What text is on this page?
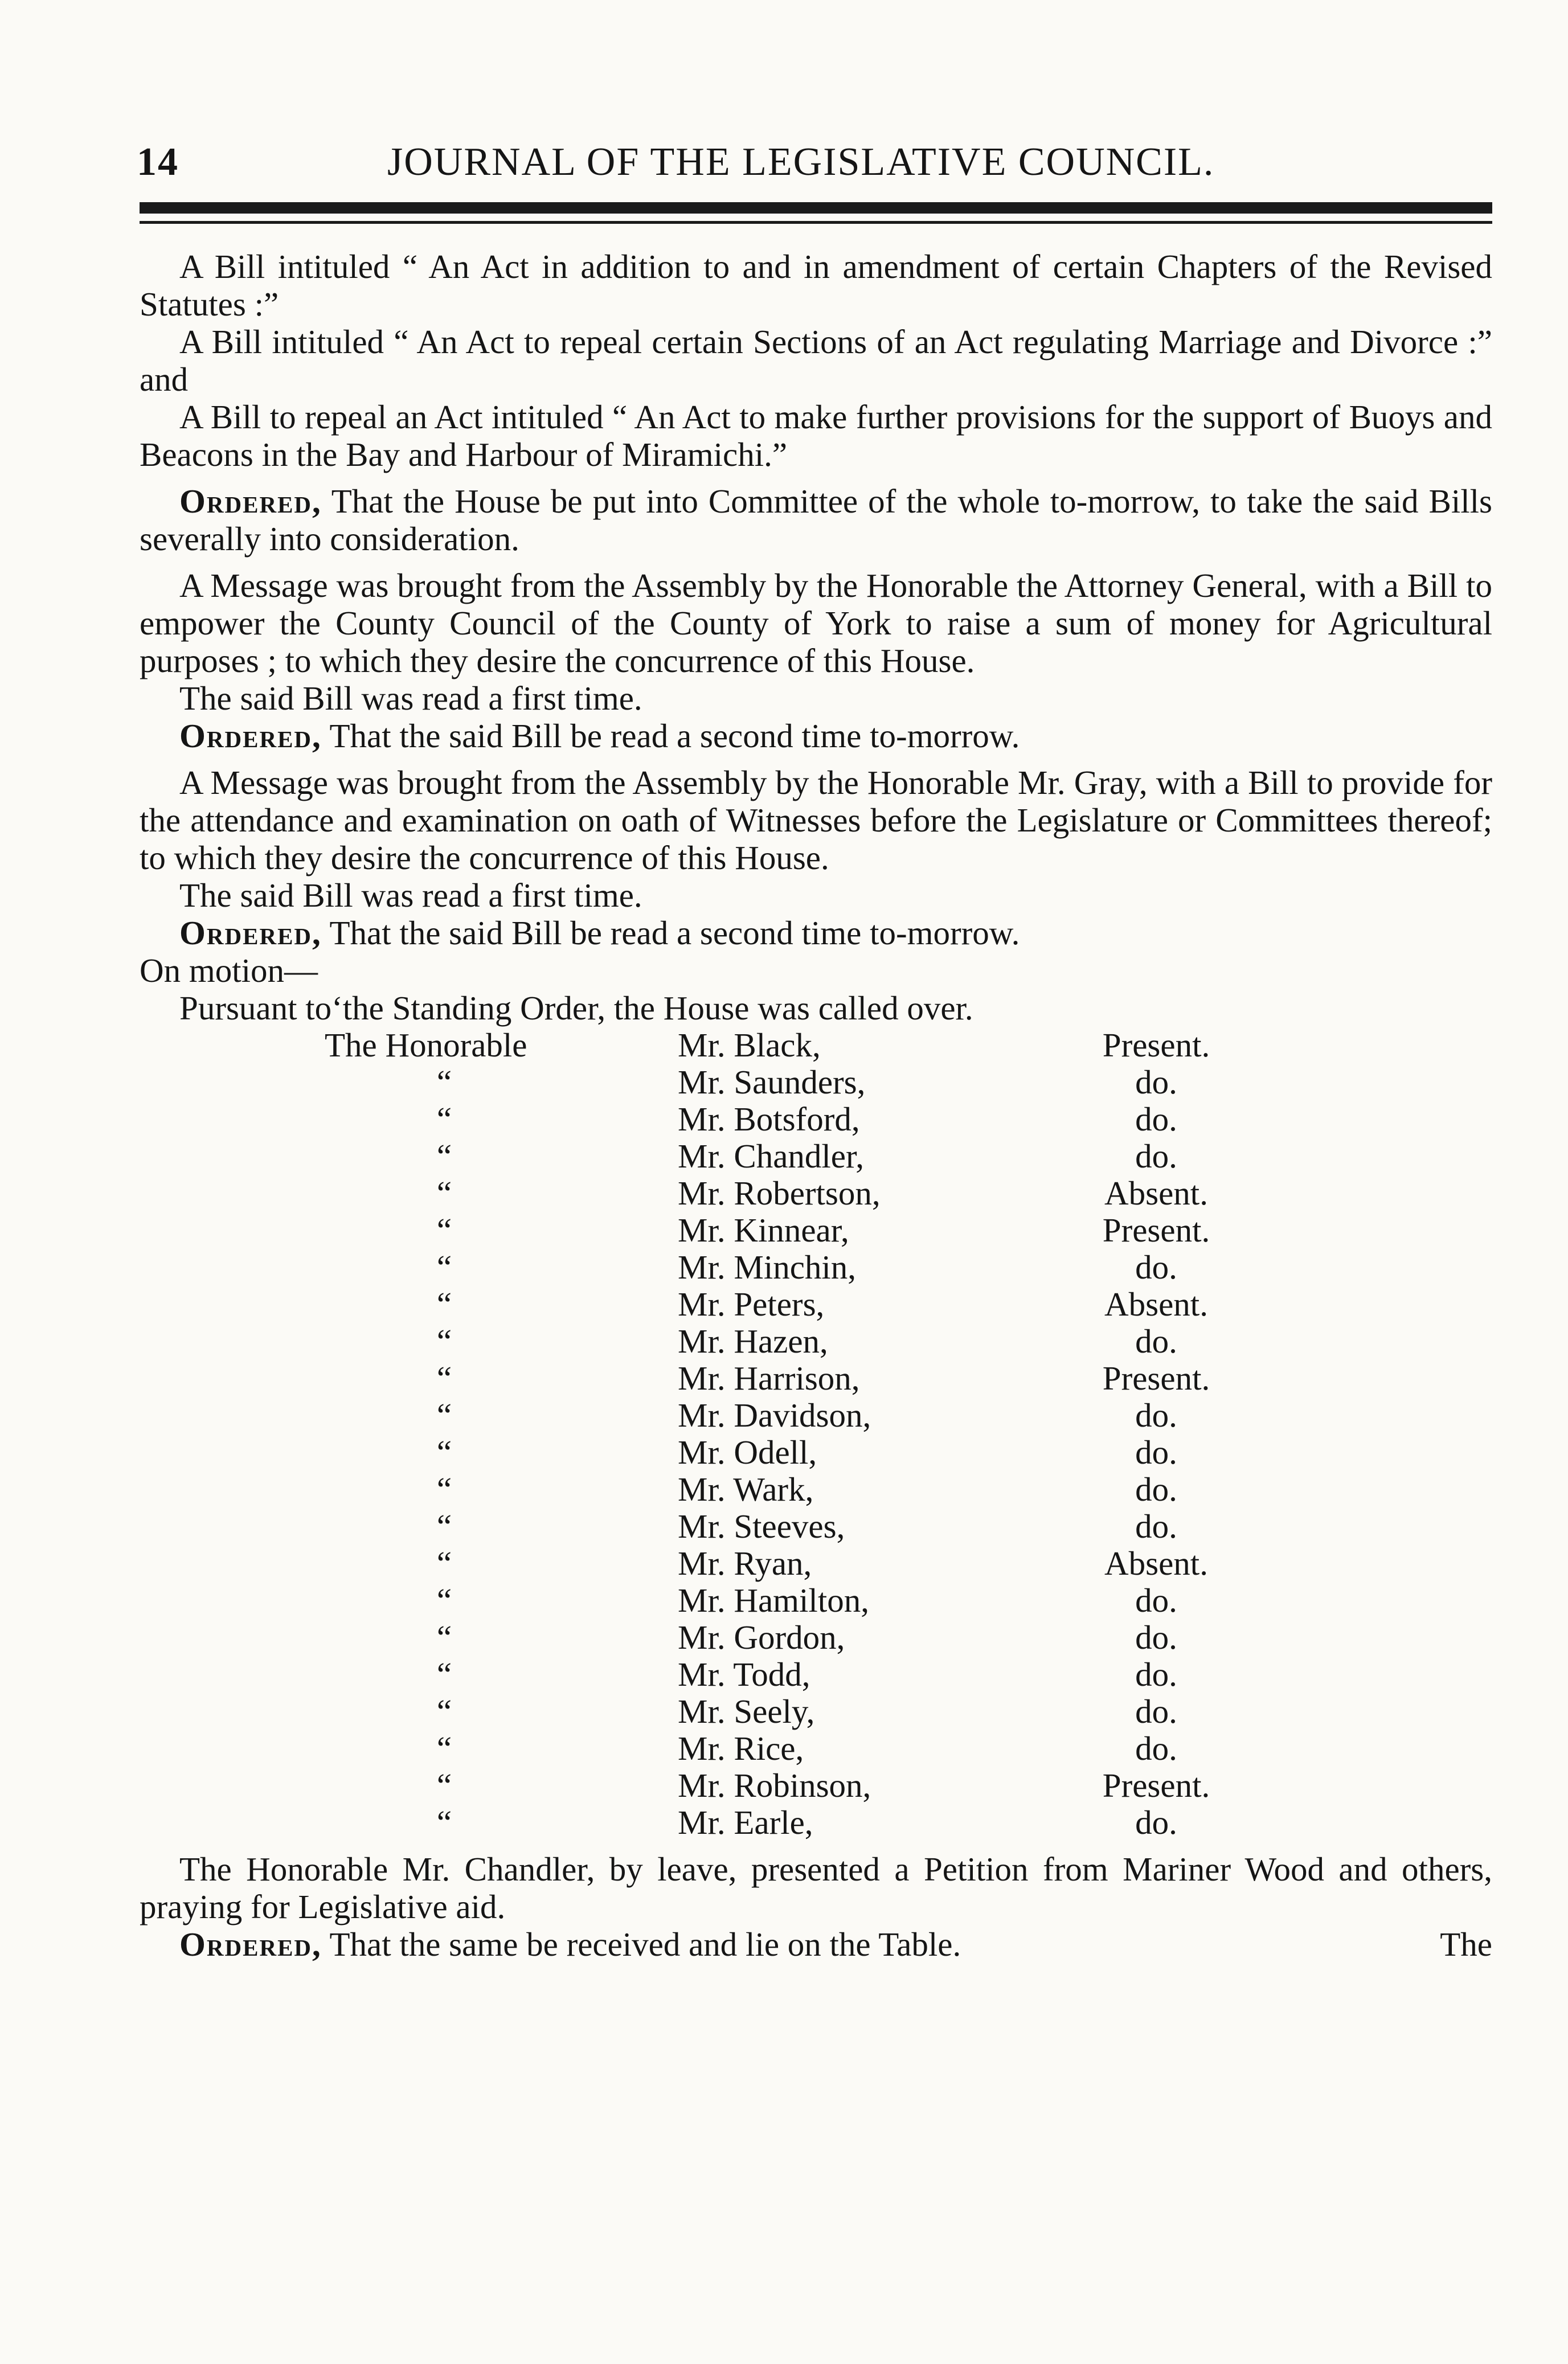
14	JOURNAL OF THE LEGISLATIVE COUNCIL.

A Bill intituled “ An Act in addition to and in amendment of certain Chapters of the Revised Statutes :”

A Bill intituled “ An Act to repeal certain Sections of an Act regulating Marriage and Divorce :” and

A Bill to repeal an Act intituled “ An Act to make further provisions for the support of Buoys and Beacons in the Bay and Harbour of Miramichi.”

Ordered, That the House be put into Committee of the whole to-morrow, to take the said Bills severally into consideration.

A Message was brought from the Assembly by the Honorable the Attorney General, with a Bill to empower the County Council of the County of York to raise a sum of money for Agricultural purposes ; to which they desire the concurrence of this House.

The said Bill was read a first time.

Ordered, That the said Bill be read a second time to-morrow.

A Message was brought from the Assembly by the Honorable Mr. Gray, with a Bill to provide for the attendance and examination on oath of Witnesses before the Legislature or Committees thereof; to which they desire the concurrence of this House.

The said Bill was read a first time.

Ordered, That the said Bill be read a second time to-morrow.

On motion—

Pursuant toʻthe Standing Order, the House was called over.

The Honorable	Mr. Black,	Present.
“	Mr. Saunders,	do.
“	Mr. Botsford,	do.
“	Mr. Chandler,	do.
“	Mr. Robertson,	Absent.
“	Mr. Kinnear,	Present.
“	Mr. Minchin,	do.
“	Mr. Peters,	Absent.
“	Mr. Hazen,	do.
“	Mr. Harrison,	Present.
“	Mr. Davidson,	do.
“	Mr. Odell,	do.
“	Mr. Wark,	do.
“	Mr. Steeves,	do.
“	Mr. Ryan,	Absent.
“	Mr. Hamilton,	do.
“	Mr. Gordon,	do.
“	Mr. Todd,	do.
“	Mr. Seely,	do.
“	Mr. Rice,	do.
“	Mr. Robinson,	Present.
“	Mr. Earle,	do.

The Honorable Mr. Chandler, by leave, presented a Petition from Mariner Wood and others, praying for Legislative aid.

Ordered, That the same be received and lie on the Table.	The
